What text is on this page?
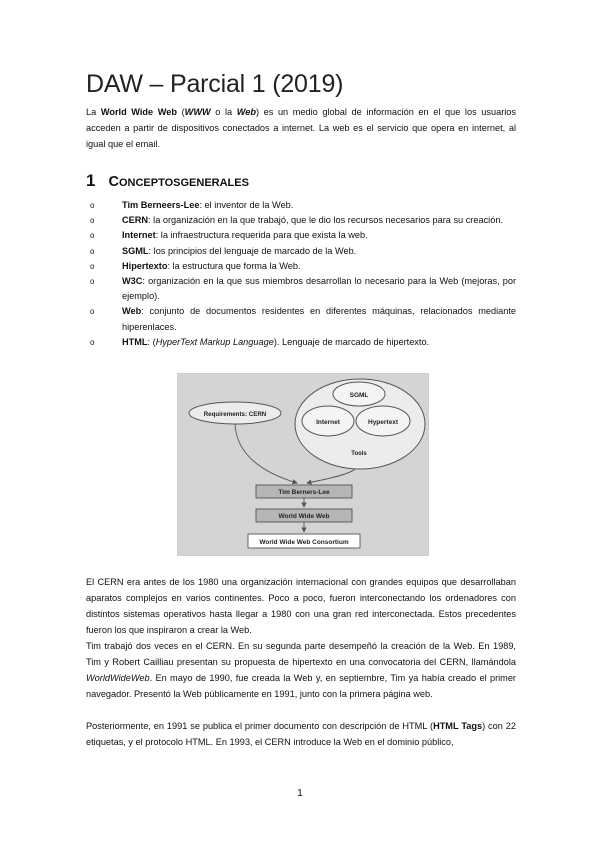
DAW – Parcial 1 (2019)

La World Wide Web (WWW o la Web) es un medio global de información en el que los usuarios acceden a partir de dispositivos conectados a internet. La web es el servicio que opera en internet, al igual que el email.

1 C ONCEPTOS GENERALES
o	Tim Berneers-Lee: el inventor de la Web.
o	CERN: la organización en la que trabajó, que le dio los recursos necesarios para su creación.
o	Internet: la infraestructura requerida para que exista la web.
o	SGML: los principios del lenguaje de marcado de la Web.
o	Hipertexto: la estructura que forma la Web.
o	W3C: organización en la que sus miembros desarrollan lo necesario para la Web (mejoras, por ejemplo).
o	Web: conjunto de documentos residentes en diferentes máquinas, relacionados mediante hiperenlaces.
o	HTML: (HyperText Markup Language). Lenguaje de marcado de hipertexto.
SGML
Internet	Hypertext
Tools
Requirements: CERN
Tim Berners-Lee
World Wide Web
World Wide Web Consortium

El CERN era antes de los 1980 una organización internacional con grandes equipos que desarrollaban aparatos complejos en varios continentes. Poco a poco, fueron interconectando los ordenadores con distintos sistemas operativos hasta llegar a 1980 con una gran red interconectada. Estos precedentes fueron los que inspiraron a crear la Web.

Tim trabajó dos veces en el CERN. En su segunda parte desempeñó la creación de la Web. En 1989, Tim y Robert Cailliau presentan su propuesta de hipertexto en una convocatoria del CERN, llamándola WorldWideWeb. En mayo de 1990, fue creada la Web y, en septiembre, Tim ya había creado el primer navegador. Presentó la Web públicamente en 1991, junto con la primera página web.

Posteriormente, en 1991 se publica el primer documento con descripción de HTML (HTML Tags) con 22 etiquetas, y el protocolo HTML. En 1993, el CERN introduce la Web en el dominio público,

1
